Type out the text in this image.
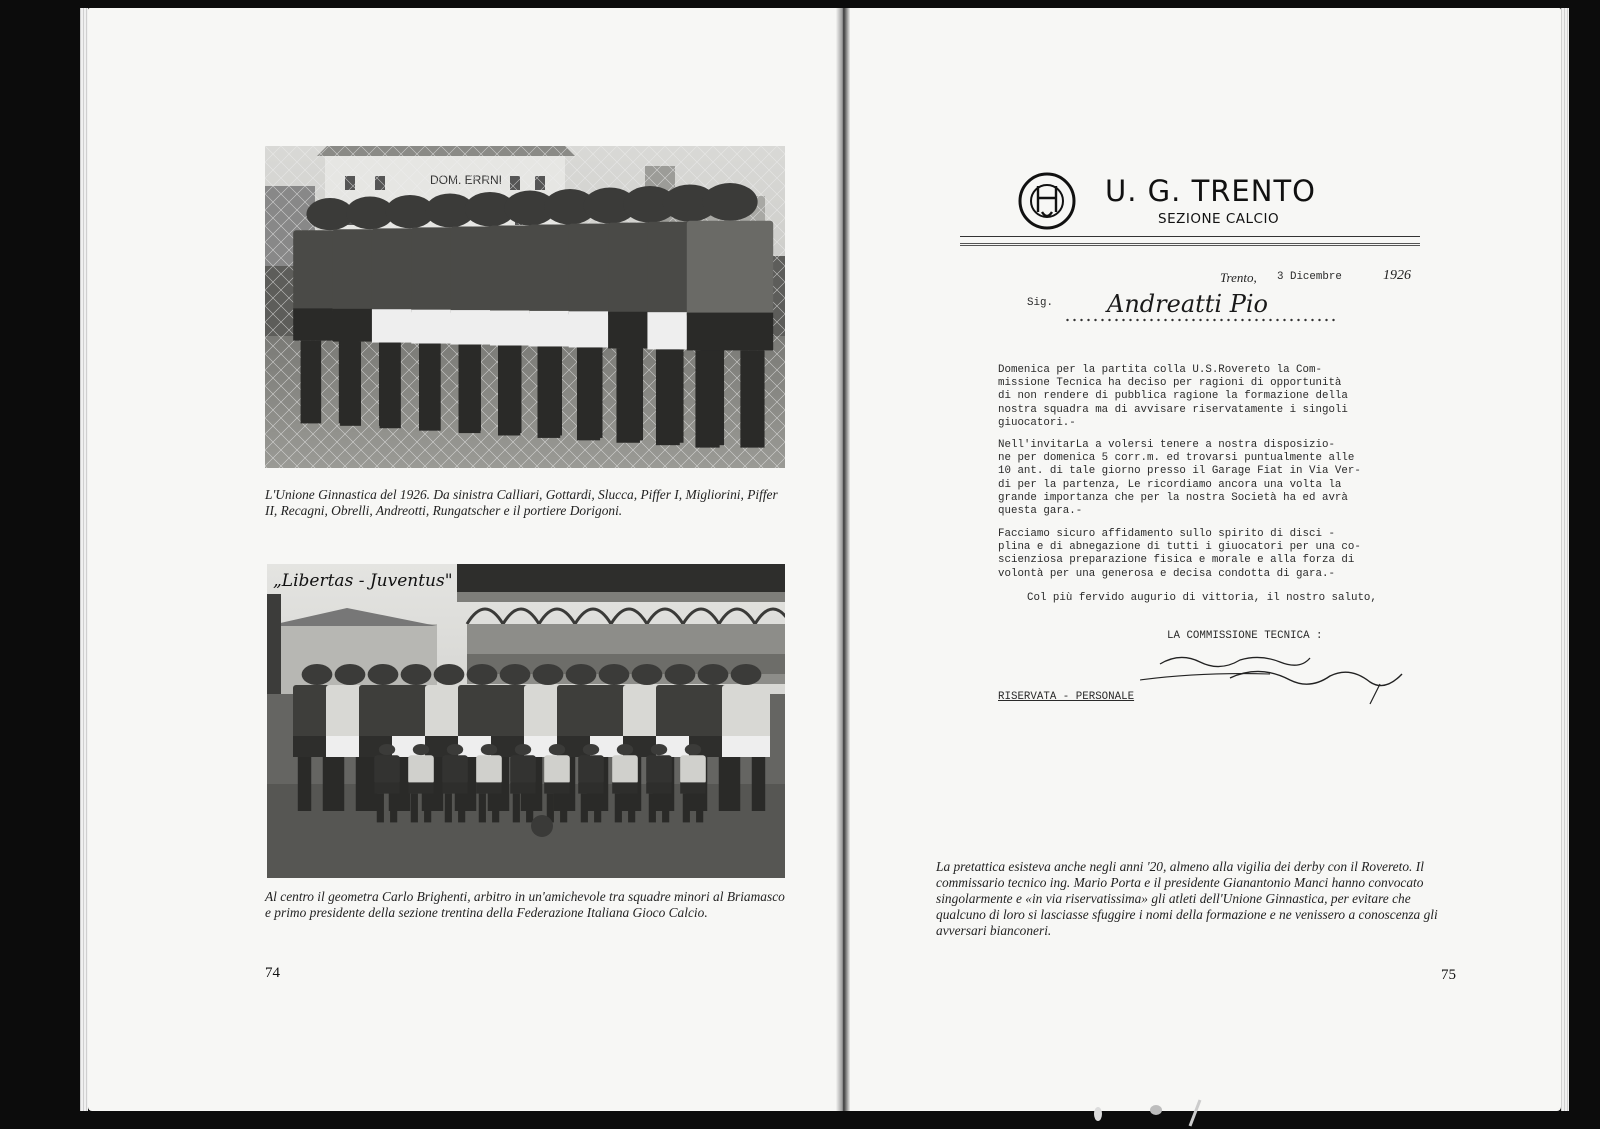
L'Unione Ginnastica del 1926. Da sinistra Calliari, Gottardi, Slucca, Piffer I, Migliorini, Piffer II, Recagni, Obrelli, Andreotti, Rungatscher e il portiere Dorigoni.

„Libertas - Juventus"

Al centro il geometra Carlo Brighenti, arbitro in un'amichevole tra squadre minori al Briamasco e primo presidente della sezione trentina della Federazione Italiana Gioco Calcio.

74

U. G. TRENTO

SEZIONE CALCIO

Trento, 3 Dicembre	1926

Sig. Andreatti Pio

Domenica per la partita colla U.S.Rovereto la Com-
missione Tecnica ha deciso per ragioni di opportunità
di non rendere di pubblica ragione la formazione della
nostra squadra ma di avvisare riservatamente i singoli
giuocatori.-

Nell'invitarLa a volersi tenere a nostra disposizio-
ne per domenica 5 corr.m. ed trovarsi puntualmente alle
10 ant. di tale giorno presso il Garage Fiat in Via Ver-
di per la partenza, Le ricordiamo ancora una volta la
grande importanza che per la nostra Società ha ed avrà
questa gara.-

Facciamo sicuro affidamento sullo spirito di disci -
plina e di abnegazione di tutti i giuocatori per una co-
scienziosa preparazione fisica e morale e alla forza di
volontà per una generosa e decisa condotta di gara.-

Col più fervido augurio di vittoria, il nostro saluto,

LA COMMISSIONE TECNICA :

RISERVATA - PERSONALE

La pretattica esisteva anche negli anni '20, almeno alla vigilia dei derby con il Rovereto. Il commissario tecnico ing. Mario Porta e il presidente Gianantonio Manci hanno convocato singolarmente e «in via riservatissima» gli atleti dell'Unione Ginnastica, per evitare che qualcuno di loro si lasciasse sfuggire i nomi della formazione e ne venissero a conoscenza gli avversari bianconeri.

75
